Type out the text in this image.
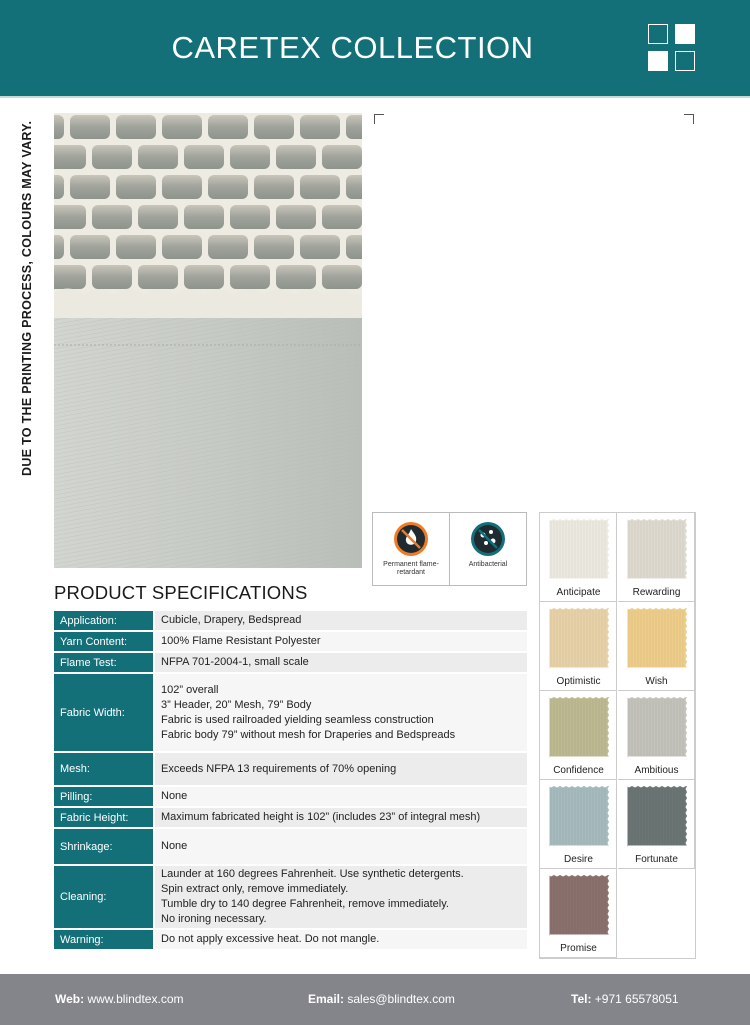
CARETEX COLLECTION
DUE TO THE PRINTING PROCESS, COLOURS MAY VARY.
Permanent flame-retardant
Antibacterial
PRODUCT SPECIFICATIONS
Application:	Cubicle, Drapery, Bedspread

Yarn Content:	100% Flame Resistant Polyester

Flame Test:	NFPA 701-2004-1, small scale

Fabric Width:	102” overall
3” Header, 20” Mesh, 79” Body
Fabric is used railroaded yielding seamless construction
Fabric body 79” without mesh for Draperies and Bedspreads

Mesh:	Exceeds NFPA 13 requirements of 70% opening

Pilling:	None

Fabric Height:	Maximum fabricated height is 102” (includes 23” of integral mesh)

Shrinkage:	None

Cleaning:	Launder at 160 degrees Fahrenheit. Use synthetic detergents.
Spin extract only, remove immediately.
Tumble dry to 140 degree Fahrenheit, remove immediately.
No ironing necessary.

Warning:	Do not apply excessive heat. Do not mangle.
Anticipate	Rewarding
Optimistic	Wish
Confidence	Ambitious
Desire	Fortunate
Promise
Web: www.blindtex.com	Email: sales@blindtex.com	Tel: +971 65578051
